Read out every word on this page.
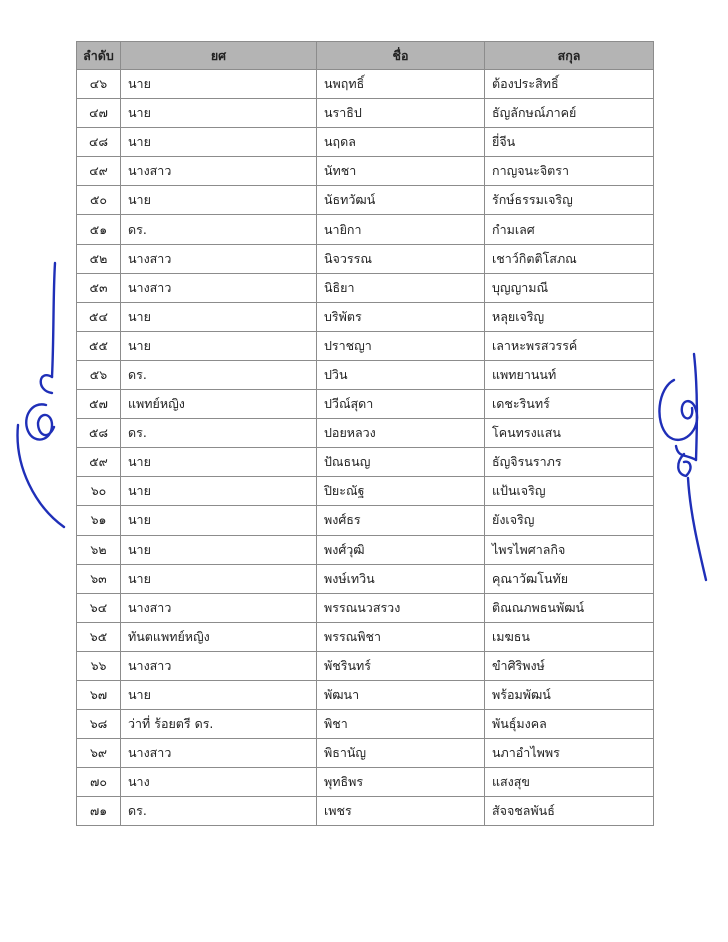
ลำดับ	ยศ	ชื่อ	สกุล
๔๖	นาย	นพฤทธิ์	ต้องประสิทธิ์
๔๗	นาย	นราธิป	ธัญลักษณ์ภาคย์
๔๘	นาย	นฤดล	ยี่จีน
๔๙	นางสาว	นัทชา	กาญจนะจิตรา
๕๐	นาย	นัธทวัฒน์	รักษ์ธรรมเจริญ
๕๑	ดร.	นายิกา	กำมเลศ
๕๒	นางสาว	นิจวรรณ	เชาว์กิตติโสภณ
๕๓	นางสาว	นิธิยา	บุญญามณี
๕๔	นาย	บริพัตร	หลุยเจริญ
๕๕	นาย	ปราชญา	เลาหะพรสวรรค์
๕๖	ดร.	ปวิน	แพทยานนท์
๕๗	แพทย์หญิง	ปวีณ์สุดา	เดชะรินทร์
๕๘	ดร.	ปอยหลวง	โคนทรงแสน
๕๙	นาย	ปัณธนญ	ธัญจิรนราภร
๖๐	นาย	ปิยะณัฐ	แป้นเจริญ
๖๑	นาย	พงศ์ธร	ยังเจริญ
๖๒	นาย	พงศ์วุฒิ	ไพรไพศาลกิจ
๖๓	นาย	พงษ์เทวิน	คุณาวัฒโนทัย
๖๔	นางสาว	พรรณนวสรวง	ติณณภพธนพัฒน์
๖๕	ทันตแพทย์หญิง	พรรณพิชา	เมฆธน
๖๖	นางสาว	พัชรินทร์	ขำศิริพงษ์
๖๗	นาย	พัฒนา	พร้อมพัฒน์
๖๘	ว่าที่ ร้อยตรี ดร.	พิชา	พันธุ์มงคล
๖๙	นางสาว	พิธานัญ	นภาอำไพพร
๗๐	นาง	พุทธิพร	แสงสุข
๗๑	ดร.	เพชร	สัจจชลพันธ์
